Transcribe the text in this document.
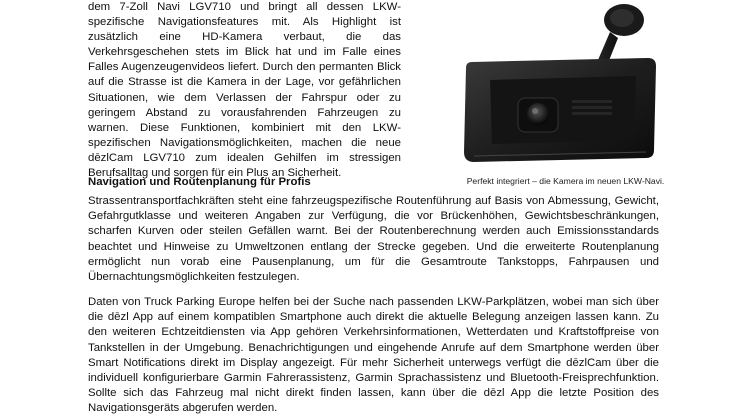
dem 7-Zoll Navi LGV710 und bringt all dessen LKW-spezifische Navigationsfeatures mit. Als Highlight ist zusätzlich eine HD-Kamera verbaut, die das Verkehrsgeschehen stets im Blick hat und im Falle eines Falles Augenzeugenvideos liefert. Durch den permanten Blick auf die Strasse ist die Kamera in der Lage, vor gefährlichen Situationen, wie dem Verlassen der Fahrspur oder zu geringem Abstand zu vorausfahrenden Fahrzeugen zu warnen. Diese Funktionen, kombiniert mit den LKW-spezifischen Navigationsmöglichkeiten, machen die neue dēzlCam LGV710 zum idealen Gehilfen im stressigen Berufsalltag und sorgen für ein Plus an Sicherheit.

Perfekt integriert – die Kamera im neuen LKW-Navi.

Navigation und Routenplanung für Profis

Strassentransportfachkräften steht eine fahrzeugspezifische Routenführung auf Basis von Abmessung, Gewicht, Gefahrgutklasse und weiteren Angaben zur Verfügung, die vor Brückenhöhen, Gewichtsbeschränkungen, scharfen Kurven oder steilen Gefällen warnt. Bei der Routenberechnung werden auch Emissionsstandards beachtet und Hinweise zu Umweltzonen entlang der Strecke gegeben. Und die erweiterte Routenplanung ermöglicht nun vorab eine Pausenplanung, um für die Gesamtroute Tankstopps, Fahrpausen und Übernachtungsmöglichkeiten festzulegen.

Daten von Truck Parking Europe helfen bei der Suche nach passenden LKW-Parkplätzen, wobei man sich über die dēzl App auf einem kompatiblen Smartphone auch direkt die aktuelle Belegung anzeigen lassen kann. Zu den weiteren Echtzeitdiensten via App gehören Verkehrsinformationen, Wetterdaten und Kraftstoffpreise von Tankstellen in der Umgebung. Benachrichtigungen und eingehende Anrufe auf dem Smartphone werden über Smart Notifications direkt im Display angezeigt. Für mehr Sicherheit unterwegs verfügt die dēzlCam über die individuell konfigurierbare Garmin Fahrerassistenz, Garmin Sprachassistenz und Bluetooth-Freisprechfunktion. Sollte sich das Fahrzeug mal nicht direkt finden lassen, kann über die dēzl App die letzte Position des Navigationsgeräts abgerufen werden.
